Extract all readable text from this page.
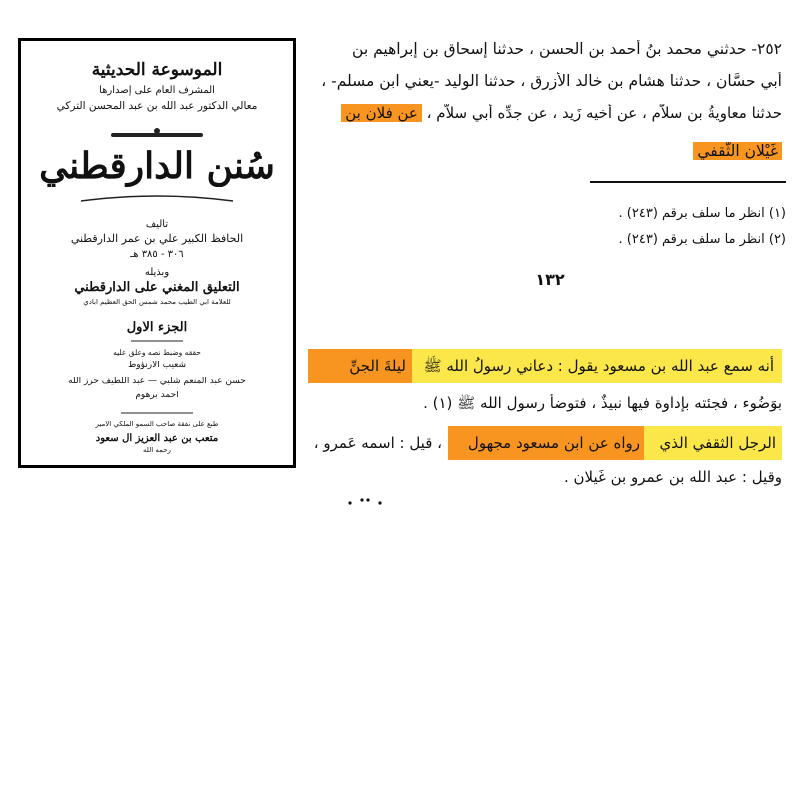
الموسوعة الحديثية
المشرف العام على إصدارها
معالي الدكتور عبد الله بن عبد المحسن التركي
سُنن الدارقطني
تأليف
الحافظ الكبير علي بن عمر الدارقطني
٣٠٦ - ٣٨٥ هـ
وبذيله
التعليق المغني على الدارقطني
للعلامة أبي الطيب محمد شمس الحق العظيم آبادي
الجزء الأول
حققه وضبط نصه وعلق عليه
شعيب الأرنؤوط
حسن عبد المنعم شلبي — عبد اللطيف حرز الله
أحمد برهوم
طبع على نفقة صاحب السمو الملكي الأمير
متعب بن عبد العزيز آل سعود
رحمه الله
٢٥٢- حدثني محمد بنُ أحمد بن الحسن ، حدثنا إسحاق بن إبراهيم بن
أبي حسَّان ، حدثنا هشام بن خالد الأزرق ، حدثنا الوليد -يعني ابن مسلم- ،
حدثنا معاويةُ بن سلاَّم ، عن أخيه زَيد ، عن جدِّه أبي سلاَّم ، عن فلان بن
غَيْلان الثَّقفي
(١) انظر ما سلف برقم (٢٤٣) .
(٢) انظر ما سلف برقم (٢٤٣) .
١٣٢
أنه سمع عبد الله بن مسعود يقول : دعاني رسولُ الله ﷺ
ليلةَ الجنِّ
بوَضُوء ، فجئته بإداوة فيها نبيذٌ ، فتوضأ رسول الله ﷺ (١) .
الرجل الثقفي الذي
رواه عن ابن مسعود مجهول
، قيل : اسمه عَمرو ،
وقيل : عبد الله بن عمرو بن غَيلان .
